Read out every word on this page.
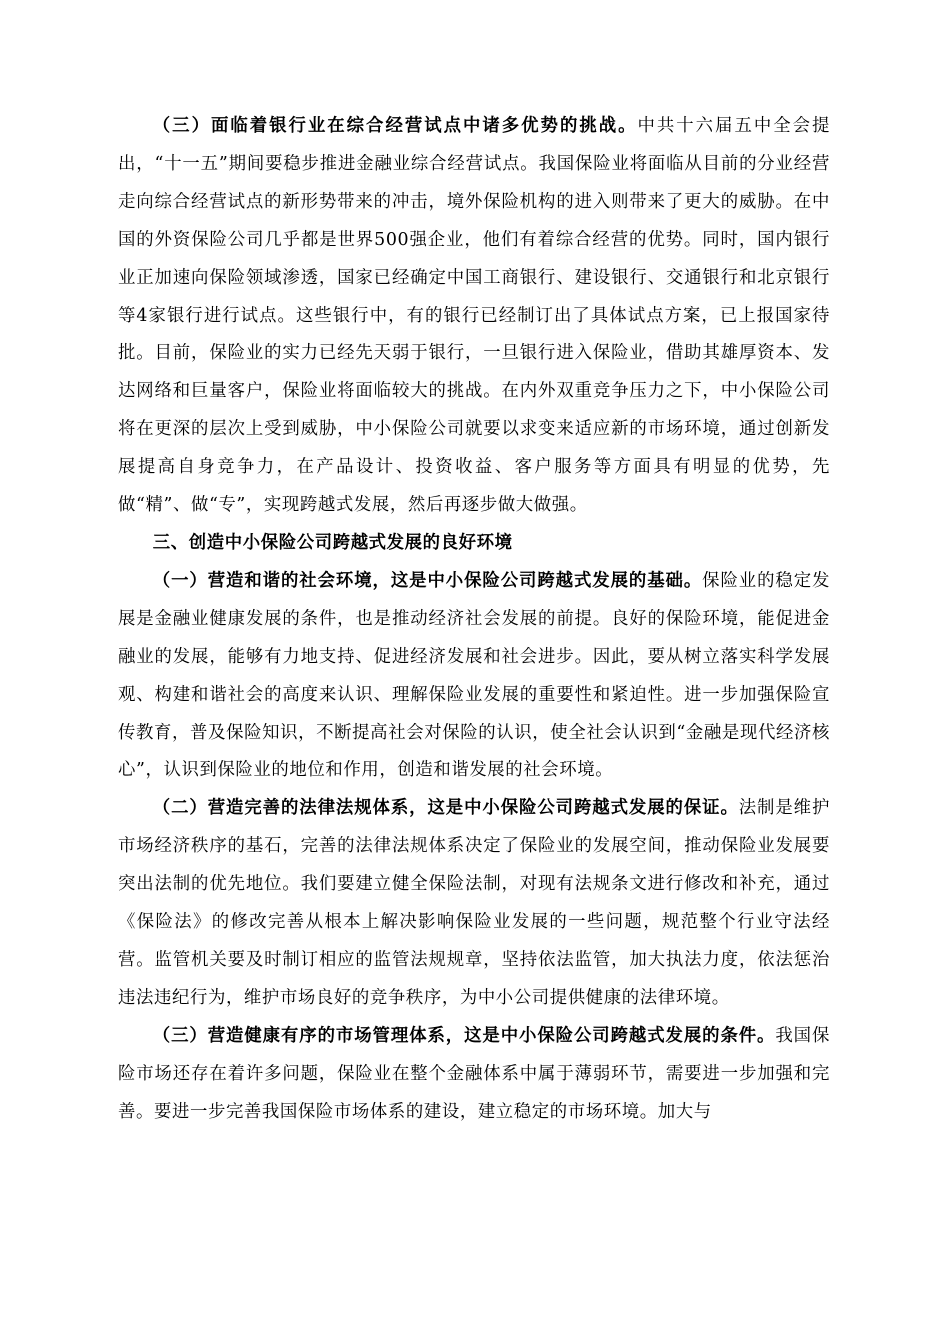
（三）面临着银行业在综合经营试点中诸多优势的挑战。中共十六届五中全会提出，“十一五”期间要稳步推进金融业综合经营试点。我国保险业将面临从目前的分业经营走向综合经营试点的新形势带来的冲击，境外保险机构的进入则带来了更大的威胁。在中国的外资保险公司几乎都是世界500强企业，他们有着综合经营的优势。同时，国内银行业正加速向保险领域渗透，国家已经确定中国工商银行、建设银行、交通银行和北京银行等4家银行进行试点。这些银行中，有的银行已经制订出了具体试点方案，已上报国家待批。目前，保险业的实力已经先天弱于银行，一旦银行进入保险业，借助其雄厚资本、发达网络和巨量客户，保险业将面临较大的挑战。在内外双重竞争压力之下，中小保险公司将在更深的层次上受到威胁，中小保险公司就要以求变来适应新的市场环境，通过创新发展提高自身竞争力，在产品设计、投资收益、客户服务等方面具有明显的优势，先做“精”、做“专”，实现跨越式发展，然后再逐步做大做强。

三、创造中小保险公司跨越式发展的良好环境

（一）营造和谐的社会环境，这是中小保险公司跨越式发展的基础。保险业的稳定发展是金融业健康发展的条件，也是推动经济社会发展的前提。良好的保险环境，能促进金融业的发展，能够有力地支持、促进经济发展和社会进步。因此，要从树立落实科学发展观、构建和谐社会的高度来认识、理解保险业发展的重要性和紧迫性。进一步加强保险宣传教育，普及保险知识，不断提高社会对保险的认识，使全社会认识到“金融是现代经济核心”，认识到保险业的地位和作用，创造和谐发展的社会环境。

（二）营造完善的法律法规体系，这是中小保险公司跨越式发展的保证。法制是维护市场经济秩序的基石，完善的法律法规体系决定了保险业的发展空间，推动保险业发展要突出法制的优先地位。我们要建立健全保险法制，对现有法规条文进行修改和补充，通过《保险法》的修改完善从根本上解决影响保险业发展的一些问题，规范整个行业守法经营。监管机关要及时制订相应的监管法规规章，坚持依法监管，加大执法力度，依法惩治违法违纪行为，维护市场良好的竞争秩序，为中小公司提供健康的法律环境。

（三）营造健康有序的市场管理体系，这是中小保险公司跨越式发展的条件。我国保险市场还存在着许多问题，保险业在整个金融体系中属于薄弱环节，需要进一步加强和完善。要进一步完善我国保险市场体系的建设，建立稳定的市场环境。加大与
